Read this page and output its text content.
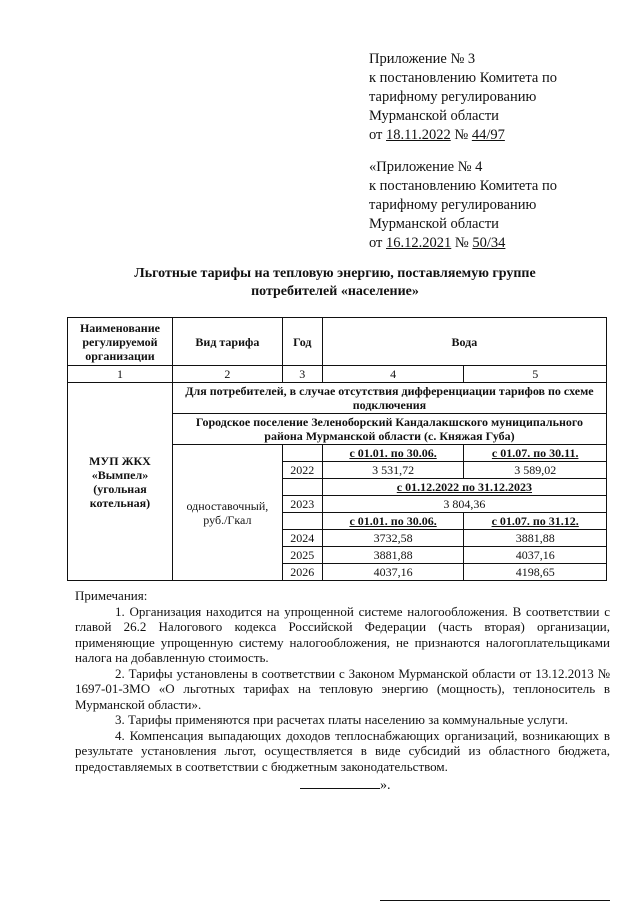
Приложение № 3
к постановлению Комитета по
тарифному регулированию
Мурманской области
от 18.11.2022 № 44/97
«Приложение № 4
к постановлению Комитета по
тарифному регулированию
Мурманской области
от 16.12.2021 № 50/34
Льготные тарифы на тепловую энергию, поставляемую группе
потребителей «население»
Наименование регулируемой организации	Вид тарифа	Год	Вода	
1	2	3	4	5
МУП ЖКХ «Вымпел» (угольная котельная)	Для потребителей, в случае отсутствия дифференциации тарифов по схеме подключения			
	Городское поселение Зеленоборский Кандалакшского муниципального района Мурманской области (с. Княжая Губа)			
	одноставочный, руб./Гкал		с 01.01. по 30.06.	с 01.07. по 30.11.
		2022	3 531,72	3 589,02
			с 01.12.2022 по 31.12.2023	
		2023	3 804,36	
			с 01.01. по 30.06.	с 01.07. по 31.12.
		2024	3732,58	3881,88
		2025	3881,88	4037,16
		2026	4037,16	4198,65

Примечания:

1. Организация находится на упрощенной системе налогообложения. В соответствии с главой 26.2 Налогового кодекса Российской Федерации (часть вторая) организации, применяющие упрощенную систему налогообложения, не признаются налогоплательщиками налога на добавленную стоимость.

2. Тарифы установлены в соответствии с Законом Мурманской области от 13.12.2013 № 1697-01-ЗМО «О льготных тарифах на тепловую энергию (мощность), теплоноситель в Мурманской области».

3. Тарифы применяются при расчетах платы населению за коммунальные услуги.

4. Компенсация выпадающих доходов теплоснабжающих организаций, возникающих в результате установления льгот, осуществляется в виде субсидий из областного бюджета, предоставляемых в соответствии с бюджетным законодательством.

».
